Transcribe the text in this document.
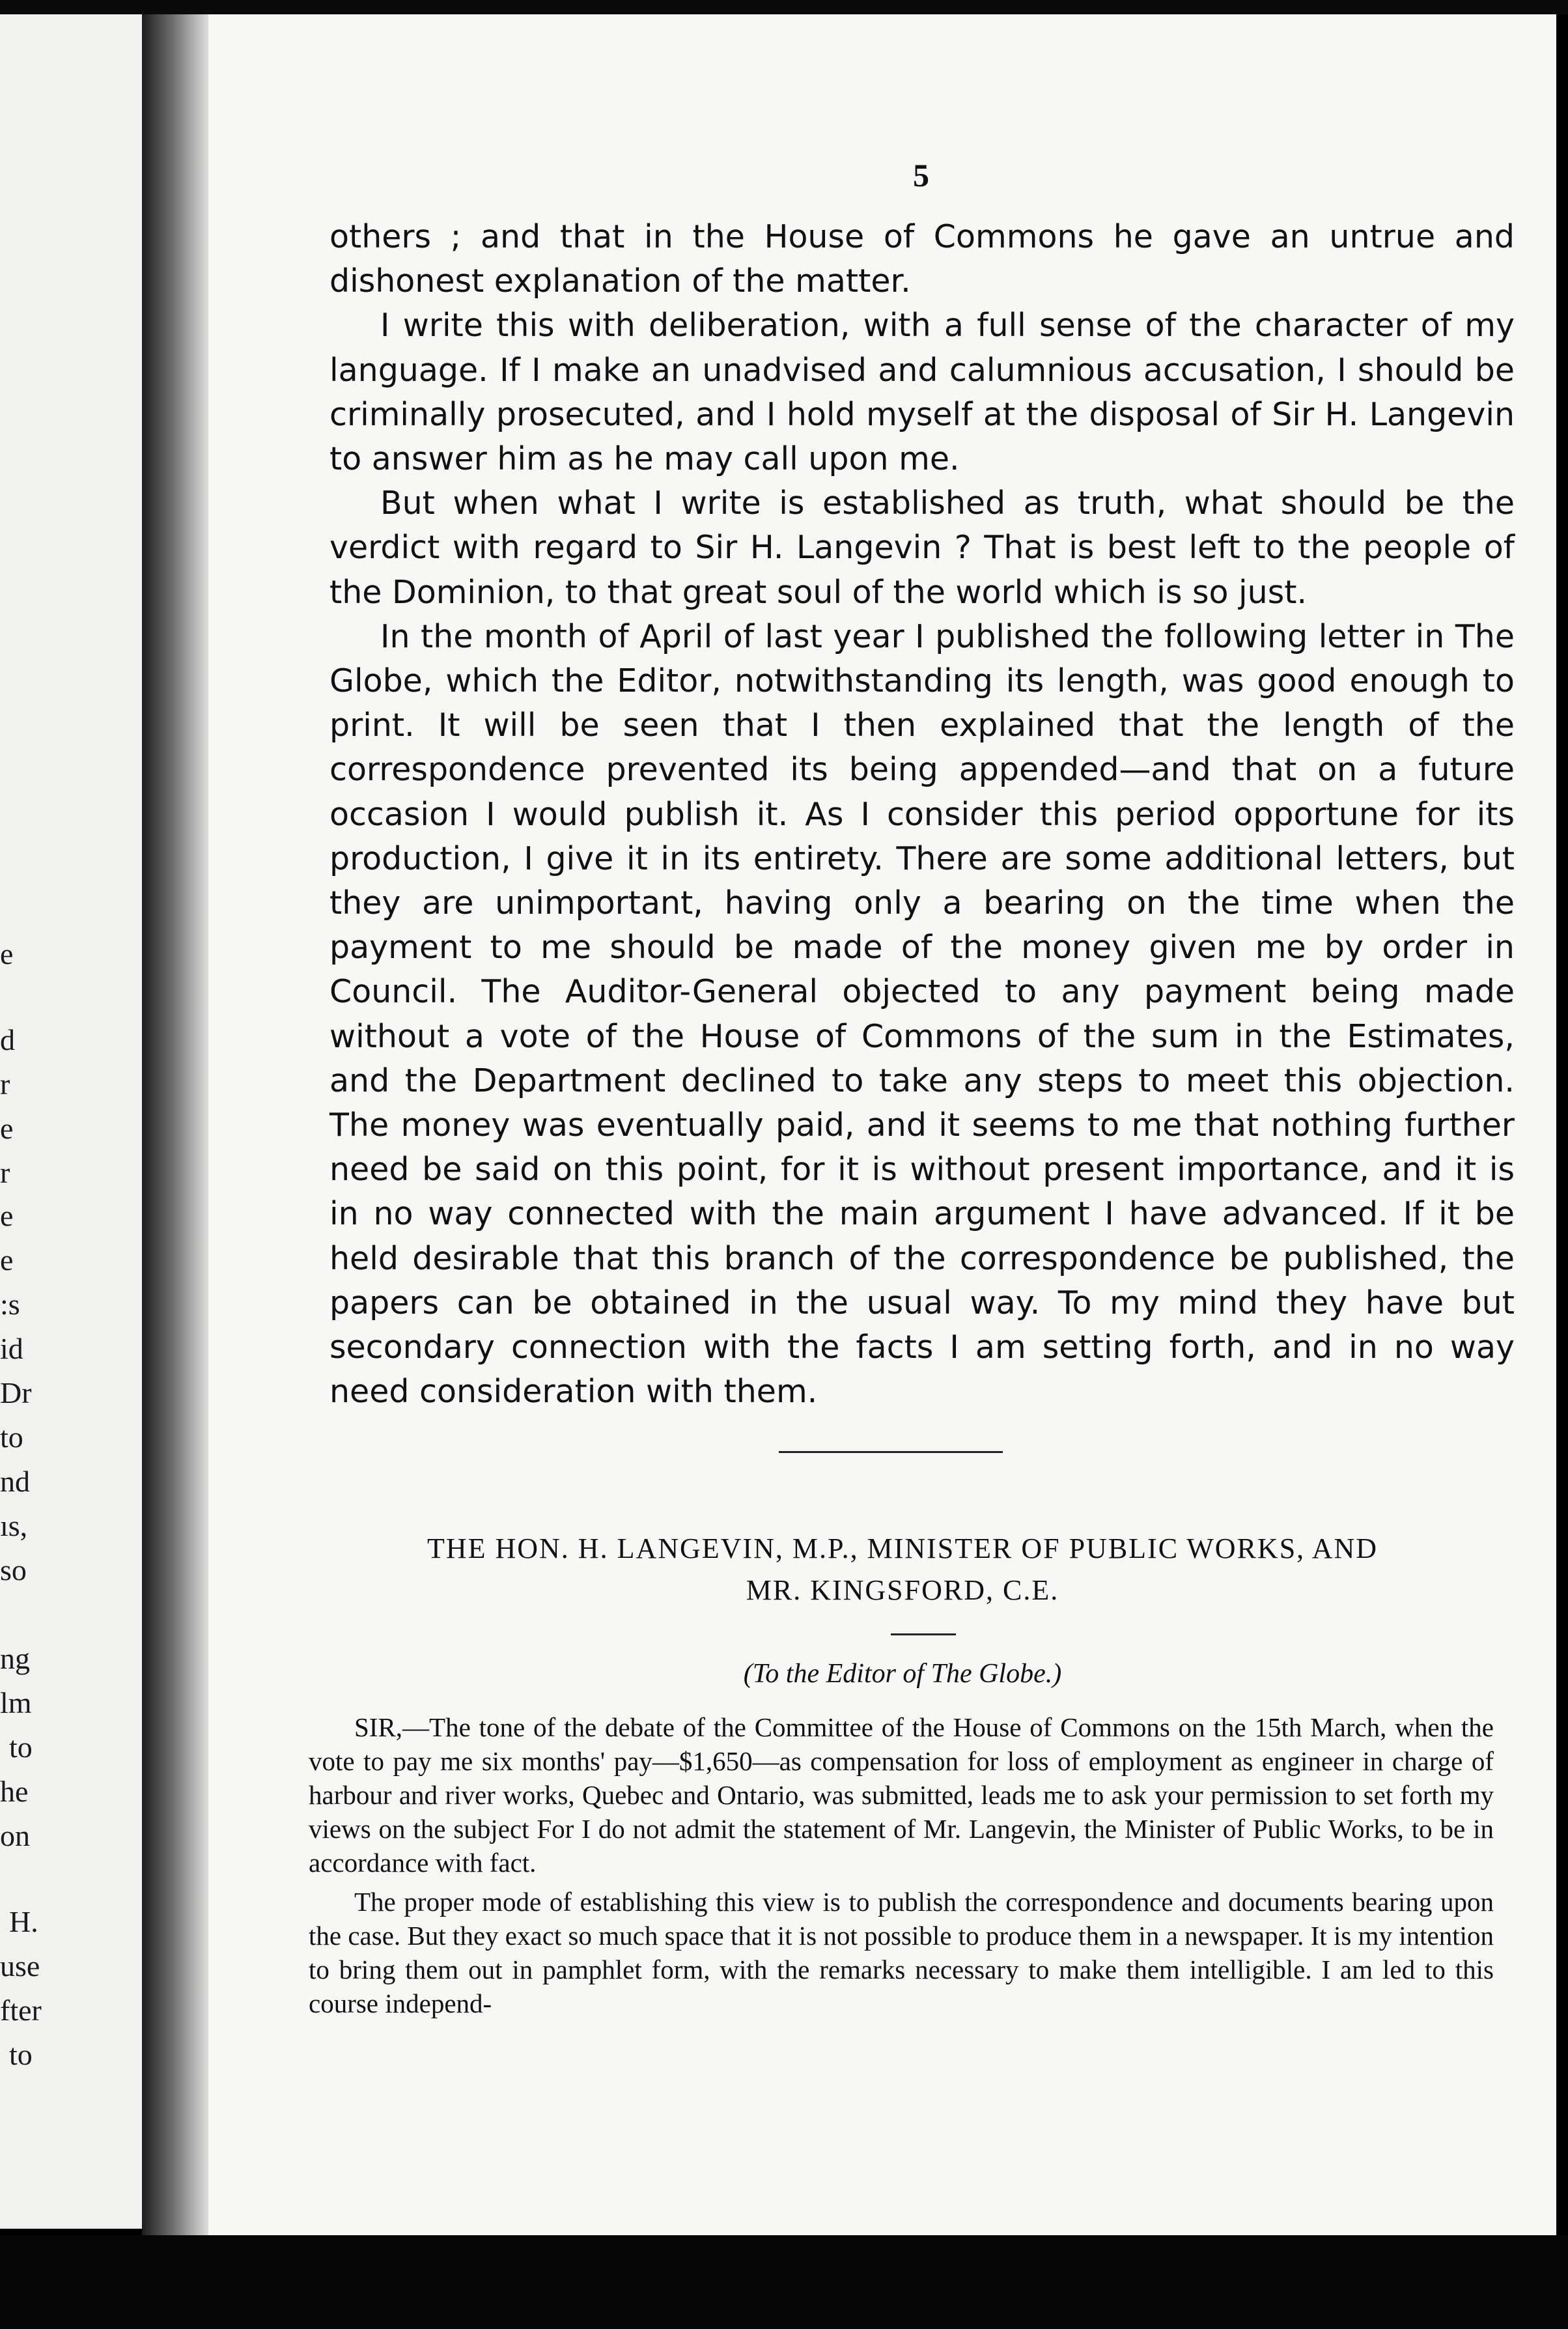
e
d
r
e
r
e
e
:s
id
Dr
to
nd
ıs,
so
ng
lm
to
he
on
H.
use
fter
to
5

others ; and that in the House of Commons he gave an untrue and dishonest explanation of the matter.

I write this with deliberation, with a full sense of the character of my language. If I make an unadvised and calumnious accusation, I should be criminally prosecuted, and I hold myself at the disposal of Sir H. Langevin to answer him as he may call upon me.

But when what I write is established as truth, what should be the verdict with regard to Sir H. Langevin ? That is best left to the people of the Dominion, to that great soul of the world which is so just.

In the month of April of last year I published the following letter in The Globe, which the Editor, notwithstanding its length, was good enough to print. It will be seen that I then explained that the length of the correspondence prevented its being appended—and that on a future occasion I would publish it. As I consider this period opportune for its production, I give it in its entirety. There are some additional letters, but they are unimportant, having only a bearing on the time when the payment to me should be made of the money given me by order in Council. The Auditor-General objected to any payment being made without a vote of the House of Commons of the sum in the Estimates, and the Department declined to take any steps to meet this objection. The money was eventually paid, and it seems to me that nothing further need be said on this point, for it is without present importance, and it is in no way connected with the main argument I have advanced. If it be held desirable that this branch of the correspondence be published, the papers can be obtained in the usual way. To my mind they have but secondary connection with the facts I am setting forth, and in no way need consideration with them.

THE HON. H. LANGEVIN, M.P., MINISTER OF PUBLIC WORKS, AND
MR. KINGSFORD, C.E.
(To the Editor of The Globe.)

SIR,—The tone of the debate of the Committee of the House of Commons on the 15th March, when the vote to pay me six months' pay—$1,650—as compensation for loss of employment as engineer in charge of harbour and river works, Quebec and Ontario, was submitted, leads me to ask your permission to set forth my views on the subject For I do not admit the statement of Mr. Langevin, the Minister of Public Works, to be in accordance with fact.

The proper mode of establishing this view is to publish the correspondence and documents bearing upon the case. But they exact so much space that it is not possible to produce them in a newspaper. It is my intention to bring them out in pamphlet form, with the remarks necessary to make them intelligible. I am led to this course independ-
